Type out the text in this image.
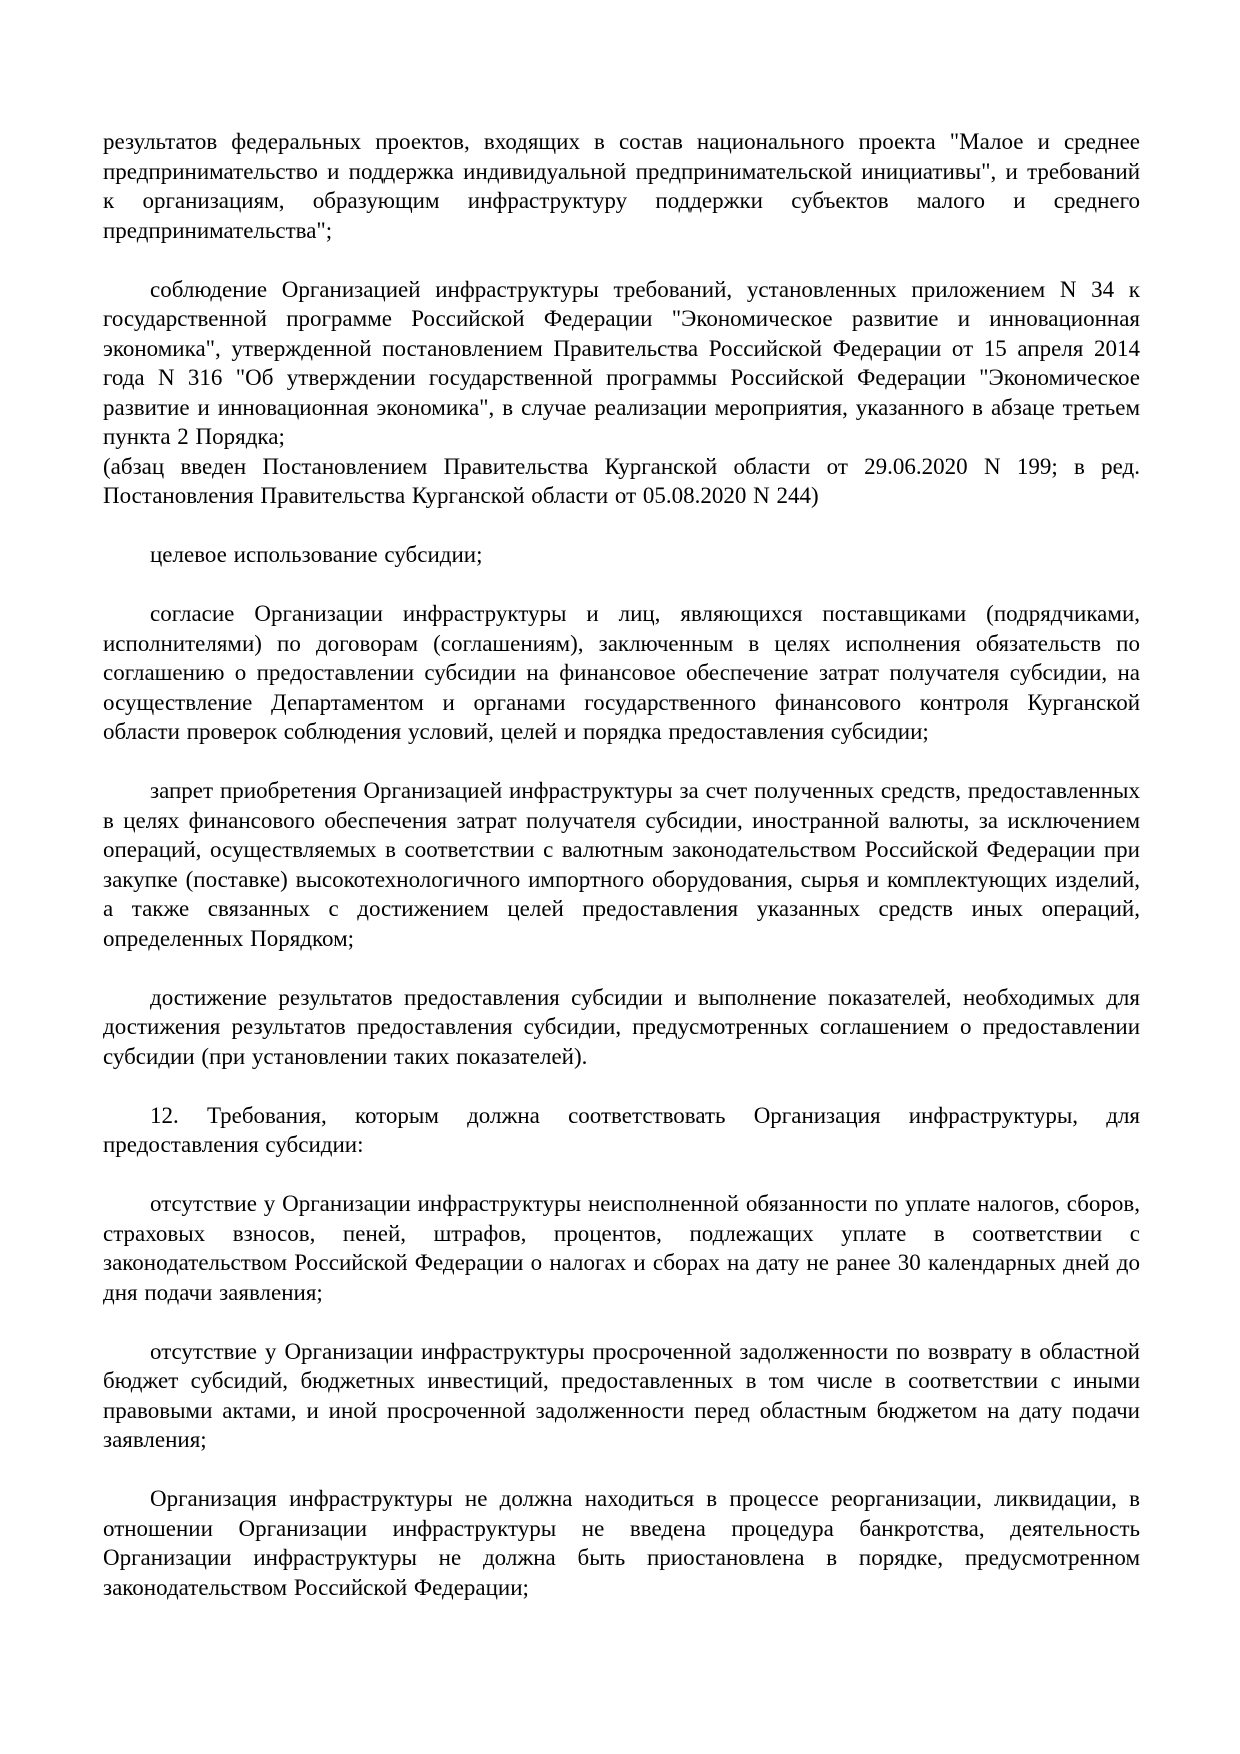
результатов федеральных проектов, входящих в состав национального проекта "Малое и среднее предпринимательство и поддержка индивидуальной предпринимательской инициативы", и требований к организациям, образующим инфраструктуру поддержки субъектов малого и среднего предпринимательства";

соблюдение Организацией инфраструктуры требований, установленных приложением N 34 к государственной программе Российской Федерации "Экономическое развитие и инновационная экономика", утвержденной постановлением Правительства Российской Федерации от 15 апреля 2014 года N 316 "Об утверждении государственной программы Российской Федерации "Экономическое развитие и инновационная экономика", в случае реализации мероприятия, указанного в абзаце третьем пункта 2 Порядка;

(абзац введен Постановлением Правительства Курганской области от 29.06.2020 N 199; в ред. Постановления Правительства Курганской области от 05.08.2020 N 244)

целевое использование субсидии;

согласие Организации инфраструктуры и лиц, являющихся поставщиками (подрядчиками, исполнителями) по договорам (соглашениям), заключенным в целях исполнения обязательств по соглашению о предоставлении субсидии на финансовое обеспечение затрат получателя субсидии, на осуществление Департаментом и органами государственного финансового контроля Курганской области проверок соблюдения условий, целей и порядка предоставления субсидии;

запрет приобретения Организацией инфраструктуры за счет полученных средств, предоставленных в целях финансового обеспечения затрат получателя субсидии, иностранной валюты, за исключением операций, осуществляемых в соответствии с валютным законодательством Российской Федерации при закупке (поставке) высокотехнологичного импортного оборудования, сырья и комплектующих изделий, а также связанных с достижением целей предоставления указанных средств иных операций, определенных Порядком;

достижение результатов предоставления субсидии и выполнение показателей, необходимых для достижения результатов предоставления субсидии, предусмотренных соглашением о предоставлении субсидии (при установлении таких показателей).

12. Требования, которым должна соответствовать Организация инфраструктуры, для предоставления субсидии:

отсутствие у Организации инфраструктуры неисполненной обязанности по уплате налогов, сборов, страховых взносов, пеней, штрафов, процентов, подлежащих уплате в соответствии с законодательством Российской Федерации о налогах и сборах на дату не ранее 30 календарных дней до дня подачи заявления;

отсутствие у Организации инфраструктуры просроченной задолженности по возврату в областной бюджет субсидий, бюджетных инвестиций, предоставленных в том числе в соответствии с иными правовыми актами, и иной просроченной задолженности перед областным бюджетом на дату подачи заявления;

Организация инфраструктуры не должна находиться в процессе реорганизации, ликвидации, в отношении Организации инфраструктуры не введена процедура банкротства, деятельность Организации инфраструктуры не должна быть приостановлена в порядке, предусмотренном законодательством Российской Федерации;
